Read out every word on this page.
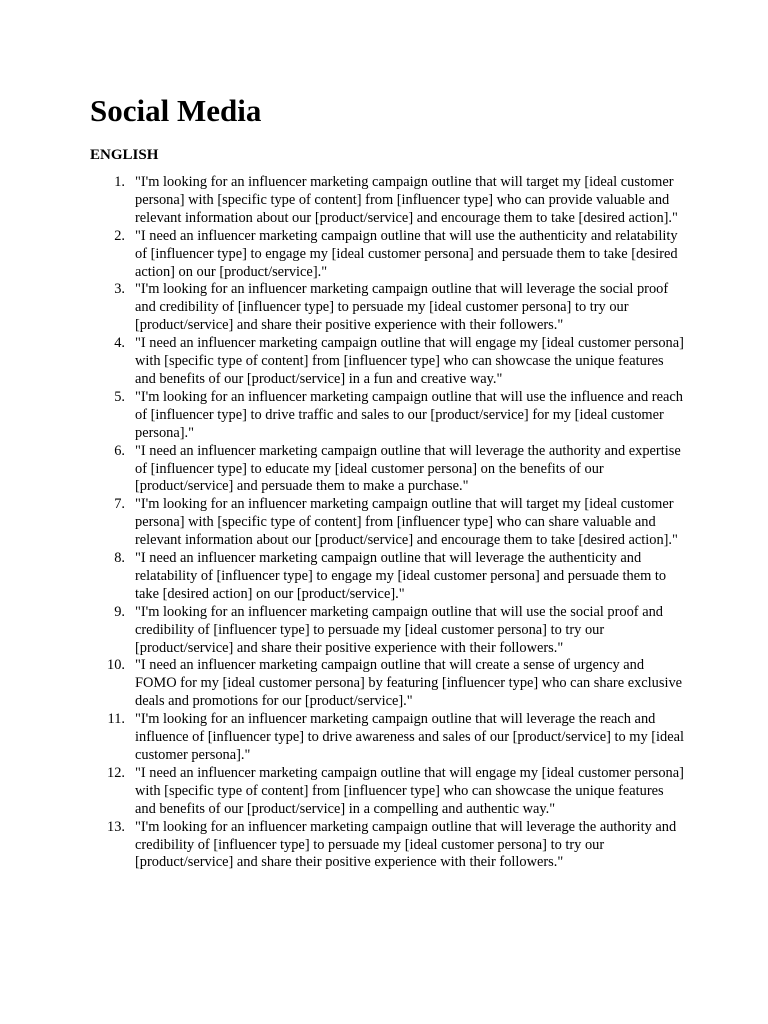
Social Media
ENGLISH
1. "I'm looking for an influencer marketing campaign outline that will target my [ideal customer persona] with [specific type of content] from [influencer type] who can provide valuable and relevant information about our [product/service] and encourage them to take [desired action]."
2. "I need an influencer marketing campaign outline that will use the authenticity and relatability of [influencer type] to engage my [ideal customer persona] and persuade them to take [desired action] on our [product/service]."
3. "I'm looking for an influencer marketing campaign outline that will leverage the social proof and credibility of [influencer type] to persuade my [ideal customer persona] to try our [product/service] and share their positive experience with their followers."
4. "I need an influencer marketing campaign outline that will engage my [ideal customer persona] with [specific type of content] from [influencer type] who can showcase the unique features and benefits of our [product/service] in a fun and creative way."
5. "I'm looking for an influencer marketing campaign outline that will use the influence and reach of [influencer type] to drive traffic and sales to our [product/service] for my [ideal customer persona]."
6. "I need an influencer marketing campaign outline that will leverage the authority and expertise of [influencer type] to educate my [ideal customer persona] on the benefits of our [product/service] and persuade them to make a purchase."
7. "I'm looking for an influencer marketing campaign outline that will target my [ideal customer persona] with [specific type of content] from [influencer type] who can share valuable and relevant information about our [product/service] and encourage them to take [desired action]."
8. "I need an influencer marketing campaign outline that will leverage the authenticity and relatability of [influencer type] to engage my [ideal customer persona] and persuade them to take [desired action] on our [product/service]."
9. "I'm looking for an influencer marketing campaign outline that will use the social proof and credibility of [influencer type] to persuade my [ideal customer persona] to try our [product/service] and share their positive experience with their followers."
10. "I need an influencer marketing campaign outline that will create a sense of urgency and FOMO for my [ideal customer persona] by featuring [influencer type] who can share exclusive deals and promotions for our [product/service]."
11. "I'm looking for an influencer marketing campaign outline that will leverage the reach and influence of [influencer type] to drive awareness and sales of our [product/service] to my [ideal customer persona]."
12. "I need an influencer marketing campaign outline that will engage my [ideal customer persona] with [specific type of content] from [influencer type] who can showcase the unique features and benefits of our [product/service] in a compelling and authentic way."
13. "I'm looking for an influencer marketing campaign outline that will leverage the authority and credibility of [influencer type] to persuade my [ideal customer persona] to try our [product/service] and share their positive experience with their followers."
